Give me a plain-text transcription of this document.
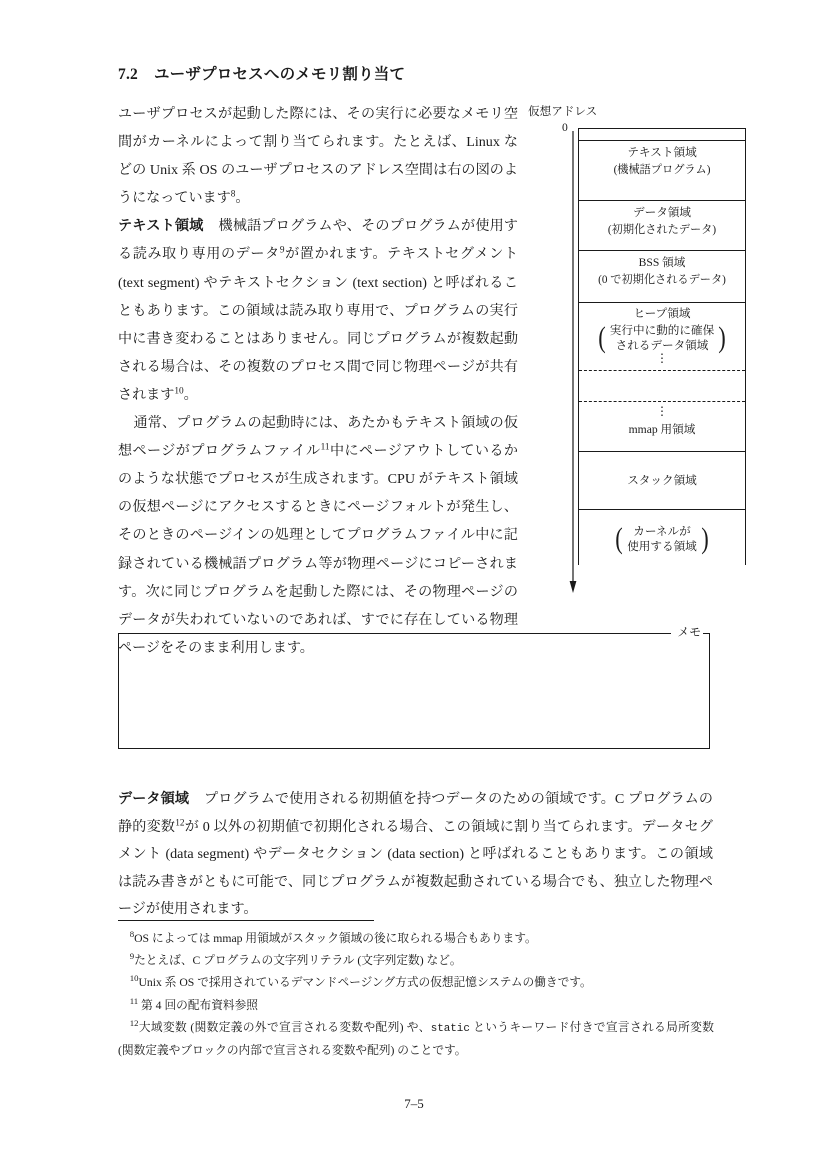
7.2 ユーザプロセスへのメモリ割り当て

ユーザプロセスが起動した際には、その実行に必要なメモリ空間がカーネルによって割り当てられます。たとえば、Linux などの Unix 系 OS のユーザプロセスのアドレス空間は右の図のようになっています$^8$。

テキスト領域 機械語プログラムや、そのプログラムが使用する読み取り専用のデータ$^9$が置かれます。テキストセグメント (text segment) やテキストセクション (text section) と呼ばれることもあります。この領域は読み取り専用で、プログラムの実行中に書き変わることはありません。同じプログラムが複数起動される場合は、その複数のプロセス間で同じ物理ページが共有されます$^{10}$。

通常、プログラムの起動時には、あたかもテキスト領域の仮想ページがプログラムファイル$^{11}$中にページアウトしているかのような状態でプロセスが生成されます。CPU がテキスト領域の仮想ページにアクセスするときにページフォルトが発生し、そのときのページインの処理としてプログラムファイル中に記録されている機械語プログラム等が物理ページにコピーされます。次に同じプログラムを起動した際には、その物理ページのデータが失われていないのであれば、すでに存在している物理ページをそのまま利用します。

仮想アドレス
0
テキスト領域
(機械語プログラム)
データ領域
(初期化されたデータ)
BSS 領域
(0 で初期化されるデータ)
ヒープ領域
( 実行中に動的に確保
されるデータ領域 )
⋮
⋮
mmap 用領域
スタック領域
( カーネルが
使用する領域 )
メモ

データ領域 プログラムで使用される初期値を持つデータのための領域です。C プログラムの静的変数$^{12}$が 0 以外の初期値で初期化される場合、この領域に割り当てられます。データセグメント (data segment) やデータセクション (data section) と呼ばれることもあります。この領域は読み書きがともに可能で、同じプログラムが複数起動されている場合でも、独立した物理ページが使用されます。

$^8$OS によっては mmap 用領域がスタック領域の後に取られる場合もあります。

$^9$たとえば、C プログラムの文字列リテラル (文字列定数) など。

$^{10}$Unix 系 OS で採用されているデマンドページング方式の仮想記憶システムの働きです。

$^{11}$ 第 4 回の配布資料参照

$^{12}$大域変数 (関数定義の外で宣言される変数や配列) や、static というキーワード付きで宣言される局所変数 (関数定義やブロックの内部で宣言される変数や配列) のことです。

7–5
